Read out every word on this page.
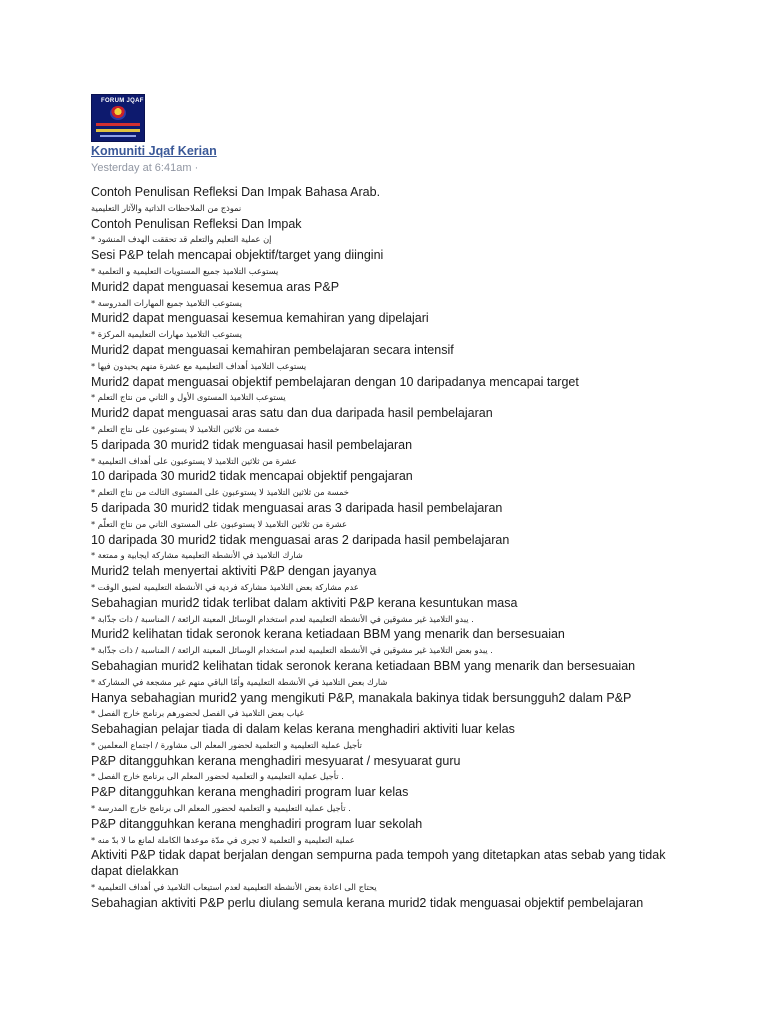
FORUM JQAF
Komuniti Jqaf Kerian
Yesterday at 6:41am ·
Contoh Penulisan Refleksi Dan Impak Bahasa Arab.
نموذج من الملاحظات الذاتية والآثار التعليمية
Contoh Penulisan Refleksi Dan Impak
* إن عملية التعليم والتعلم قد تحققت الهدف المنشود
Sesi P&P telah mencapai objektif/target yang diingini
* يستوعب التلاميذ جميع المستويات التعليمية و التعلمية
Murid2 dapat menguasai kesemua aras P&P
* يستوعب التلاميذ جميع المهارات المدروسة
Murid2 dapat menguasai kesemua kemahiran yang dipelajari
* يستوعب التلاميذ مهارات التعليمية المركزة
Murid2 dapat menguasai kemahiran pembelajaran secara intensif
* يستوعب التلاميذ أهداف التعليمية مع عشرة منهم يحيدون فيها
Murid2 dapat menguasai objektif pembelajaran dengan 10 daripadanya mencapai target
* يستوعب التلاميذ المستوى الأول و الثاني من نتاج التعلم
Murid2 dapat menguasai aras satu dan dua daripada hasil pembelajaran
* خمسة من ثلاثين التلاميذ لا يستوعبون على نتاج التعلم
5 daripada 30 murid2 tidak menguasai hasil pembelajaran
* عشرة من ثلاثين التلاميذ لا يستوعبون على أهداف التعليمية
10 daripada 30 murid2 tidak mencapai objektif pengajaran
* خمسة من ثلاثين التلاميذ لا يستوعبون على المستوى الثالث من نتاج التعلم
5 daripada 30 murid2 tidak menguasai aras 3 daripada hasil pembelajaran
* عشرة من ثلاثين التلاميذ لا يستوعبون على المستوى الثاني من نتاج التعلّم
10 daripada 30 murid2 tidak menguasai aras 2 daripada hasil pembelajaran
* شارك التلاميذ في الأنشطة التعليمية مشاركة ايجابية و ممتعة
Murid2 telah menyertai aktiviti P&P dengan jayanya
* عدم مشاركة بعض التلاميذ مشاركة فردية في الأنشطة التعليمية لضيق الوقت
Sebahagian murid2 tidak terlibat dalam aktiviti P&P kerana kesuntukan masa
* يبدو التلاميذ غير مشوقين في الأنشطة التعليمية لعدم استخدام الوسائل المعينة الرائعة / المناسبة / ذات جذّابة .
Murid2 kelihatan tidak seronok kerana ketiadaan BBM yang menarik dan bersesuaian
* يبدو بعض التلاميذ غير مشوقين في الأنشطة التعليمية لعدم استخدام الوسائل المعينة الرائعة / المناسبة / ذات جذّابة .
Sebahagian murid2 kelihatan tidak seronok kerana ketiadaan BBM yang menarik dan bersesuaian
* شارك بعض التلاميذ في الأنشطة التعليمية وأمّا الباقي منهم غير مشجعة في المشاركة
Hanya sebahagian murid2 yang mengikuti P&P, manakala bakinya tidak bersungguh2 dalam P&P
* غياب بعض التلاميذ في الفصل لحضورهم برنامج خارج الفصل
Sebahagian pelajar tiada di dalam kelas kerana menghadiri aktiviti luar kelas
* تأجيل عملية التعليمية و التعلمية لحضور المعلم الى مشاورة / اجتماع المعلمين
P&P ditangguhkan kerana menghadiri mesyuarat / mesyuarat guru
* تأجيل عملية التعليمية و التعلمية لحضور المعلم الى برنامج خارج الفصل .
P&P ditangguhkan kerana menghadiri program luar kelas
* تأجيل عملية التعليمية و التعلمية لحضور المعلم الى برنامج خارج المدرسة .
P&P ditangguhkan kerana menghadiri program luar sekolah
* عملية التعليمية و التعلمية لا تجرى في مدّة موعدها الكاملة لمانع ما لا بدّ منه
Aktiviti P&P tidak dapat berjalan dengan sempurna pada tempoh yang ditetapkan atas sebab yang tidak dapat dielakkan
* يحتاج الى اعادة بعض الأنشطة التعليمية لعدم استيعاب التلاميذ في أهداف التعليمية
Sebahagian aktiviti P&P perlu diulang semula kerana murid2 tidak menguasai objektif pembelajaran
